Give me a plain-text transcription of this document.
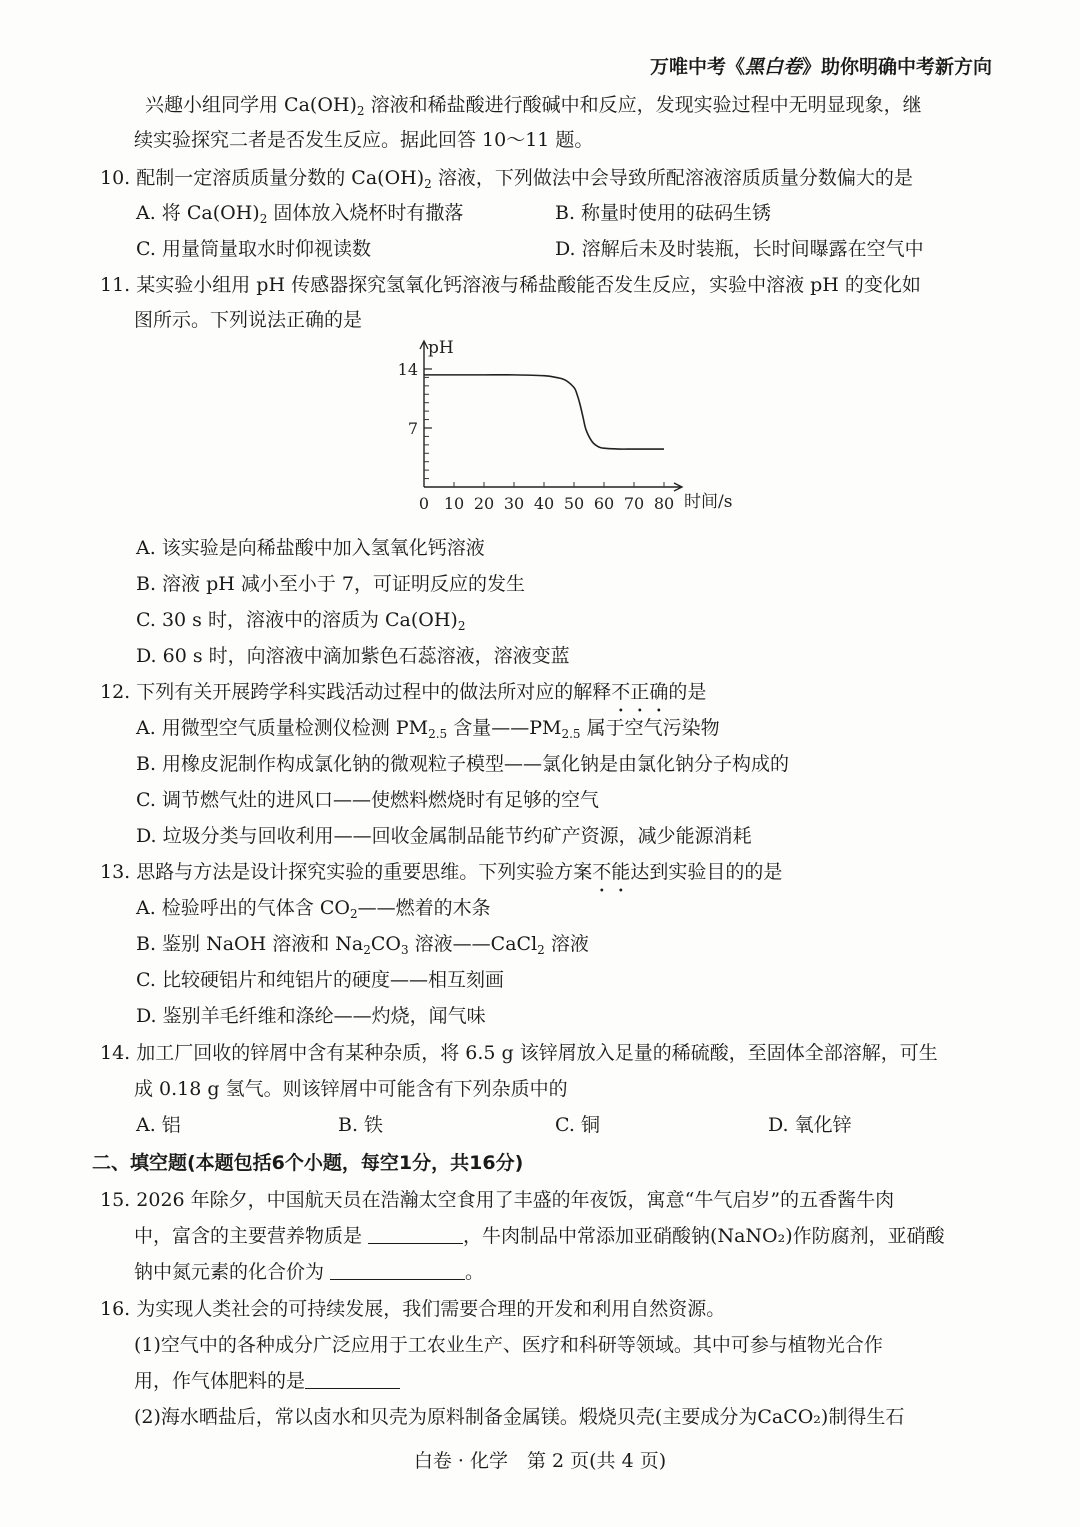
万唯中考《黑白卷》助你明确中考新方向
兴趣小组同学用 $Ca(OH)_2$ 溶液和稀盐酸进行酸碱中和反应，发现实验过程中无明显现象，继
续实验探究二者是否发生反应。据此回答 10～11 题。
10. 配制一定溶质质量分数的 $Ca(OH)_2$ 溶液，下列做法中会导致所配溶液溶质质量分数偏大的是
A. 将 $Ca(OH)_2$ 固体放入烧杯时有撒落	B. 称量时使用的砝码生锈
C. 用量筒量取水时仰视读数	D. 溶解后未及时装瓶，长时间曝露在空气中
11. 某实验小组用 pH 传感器探究氢氧化钙溶液与稀盐酸能否发生反应，实验中溶液 pH 的变化如
图所示。下列说法正确的是
pH
时间/s
14
7
0 10 20 30 40 50 60 70 80
A. 该实验是向稀盐酸中加入氢氧化钙溶液
B. 溶液 pH 减小至小于 7，可证明反应的发生
C. 30 s 时，溶液中的溶质为 $Ca(OH)_2$
D. 60 s 时，向溶液中滴加紫色石蕊溶液，溶液变蓝
12. 下列有关开展跨学科实践活动过程中的做法所对应的解释不正确的是
A. 用微型空气质量检测仪检测 $PM_{2.5}$ 含量$——PM_{2.5}$ 属于空气污染物
B. 用橡皮泥制作构成氯化钠的微观粒子模型——氯化钠是由氯化钠分子构成的
C. 调节燃气灶的进风口——使燃料燃烧时有足够的空气
D. 垃圾分类与回收利用——回收金属制品能节约矿产资源，减少能源消耗
13. 思路与方法是设计探究实验的重要思维。下列实验方案不能达到实验目的的是
A. 检验呼出的气体含 $CO_2——$燃着的木条
B. 鉴别 NaOH 溶液和 $Na_2CO_3$ 溶液——CaCl$_2$ 溶液
C. 比较硬铝片和纯铝片的硬度——相互刻画
D. 鉴别羊毛纤维和涤纶——灼烧，闻气味
14. 加工厂回收的锌屑中含有某种杂质，将 6.5 g 该锌屑放入足量的稀硫酸，至固体全部溶解，可生
成 0.18 g 氢气。则该锌屑中可能含有下列杂质中的
A. 铝	B. 铁	C. 铜	D. 氧化锌
二、填空题(本题包括6个小题，每空1分，共16分)
15. 2026 年除夕，中国航天员在浩瀚太空食用了丰盛的年夜饭，寓意“牛气启岁”的五香酱牛肉
中，富含的主要营养物质是	，牛肉制品中常添加亚硝酸钠(NaNO₂)作防腐剂，亚硝酸
钠中氮元素的化合价为	。
16. 为实现人类社会的可持续发展，我们需要合理的开发和利用自然资源。
(1)空气中的各种成分广泛应用于工农业生产、医疗和科研等领域。其中可参与植物光合作
用，作气体肥料的是
(2)海水晒盐后，常以卤水和贝壳为原料制备金属镁。煅烧贝壳(主要成分为CaCO₂)制得生石
白卷 · 化学　第 2 页(共 4 页)
